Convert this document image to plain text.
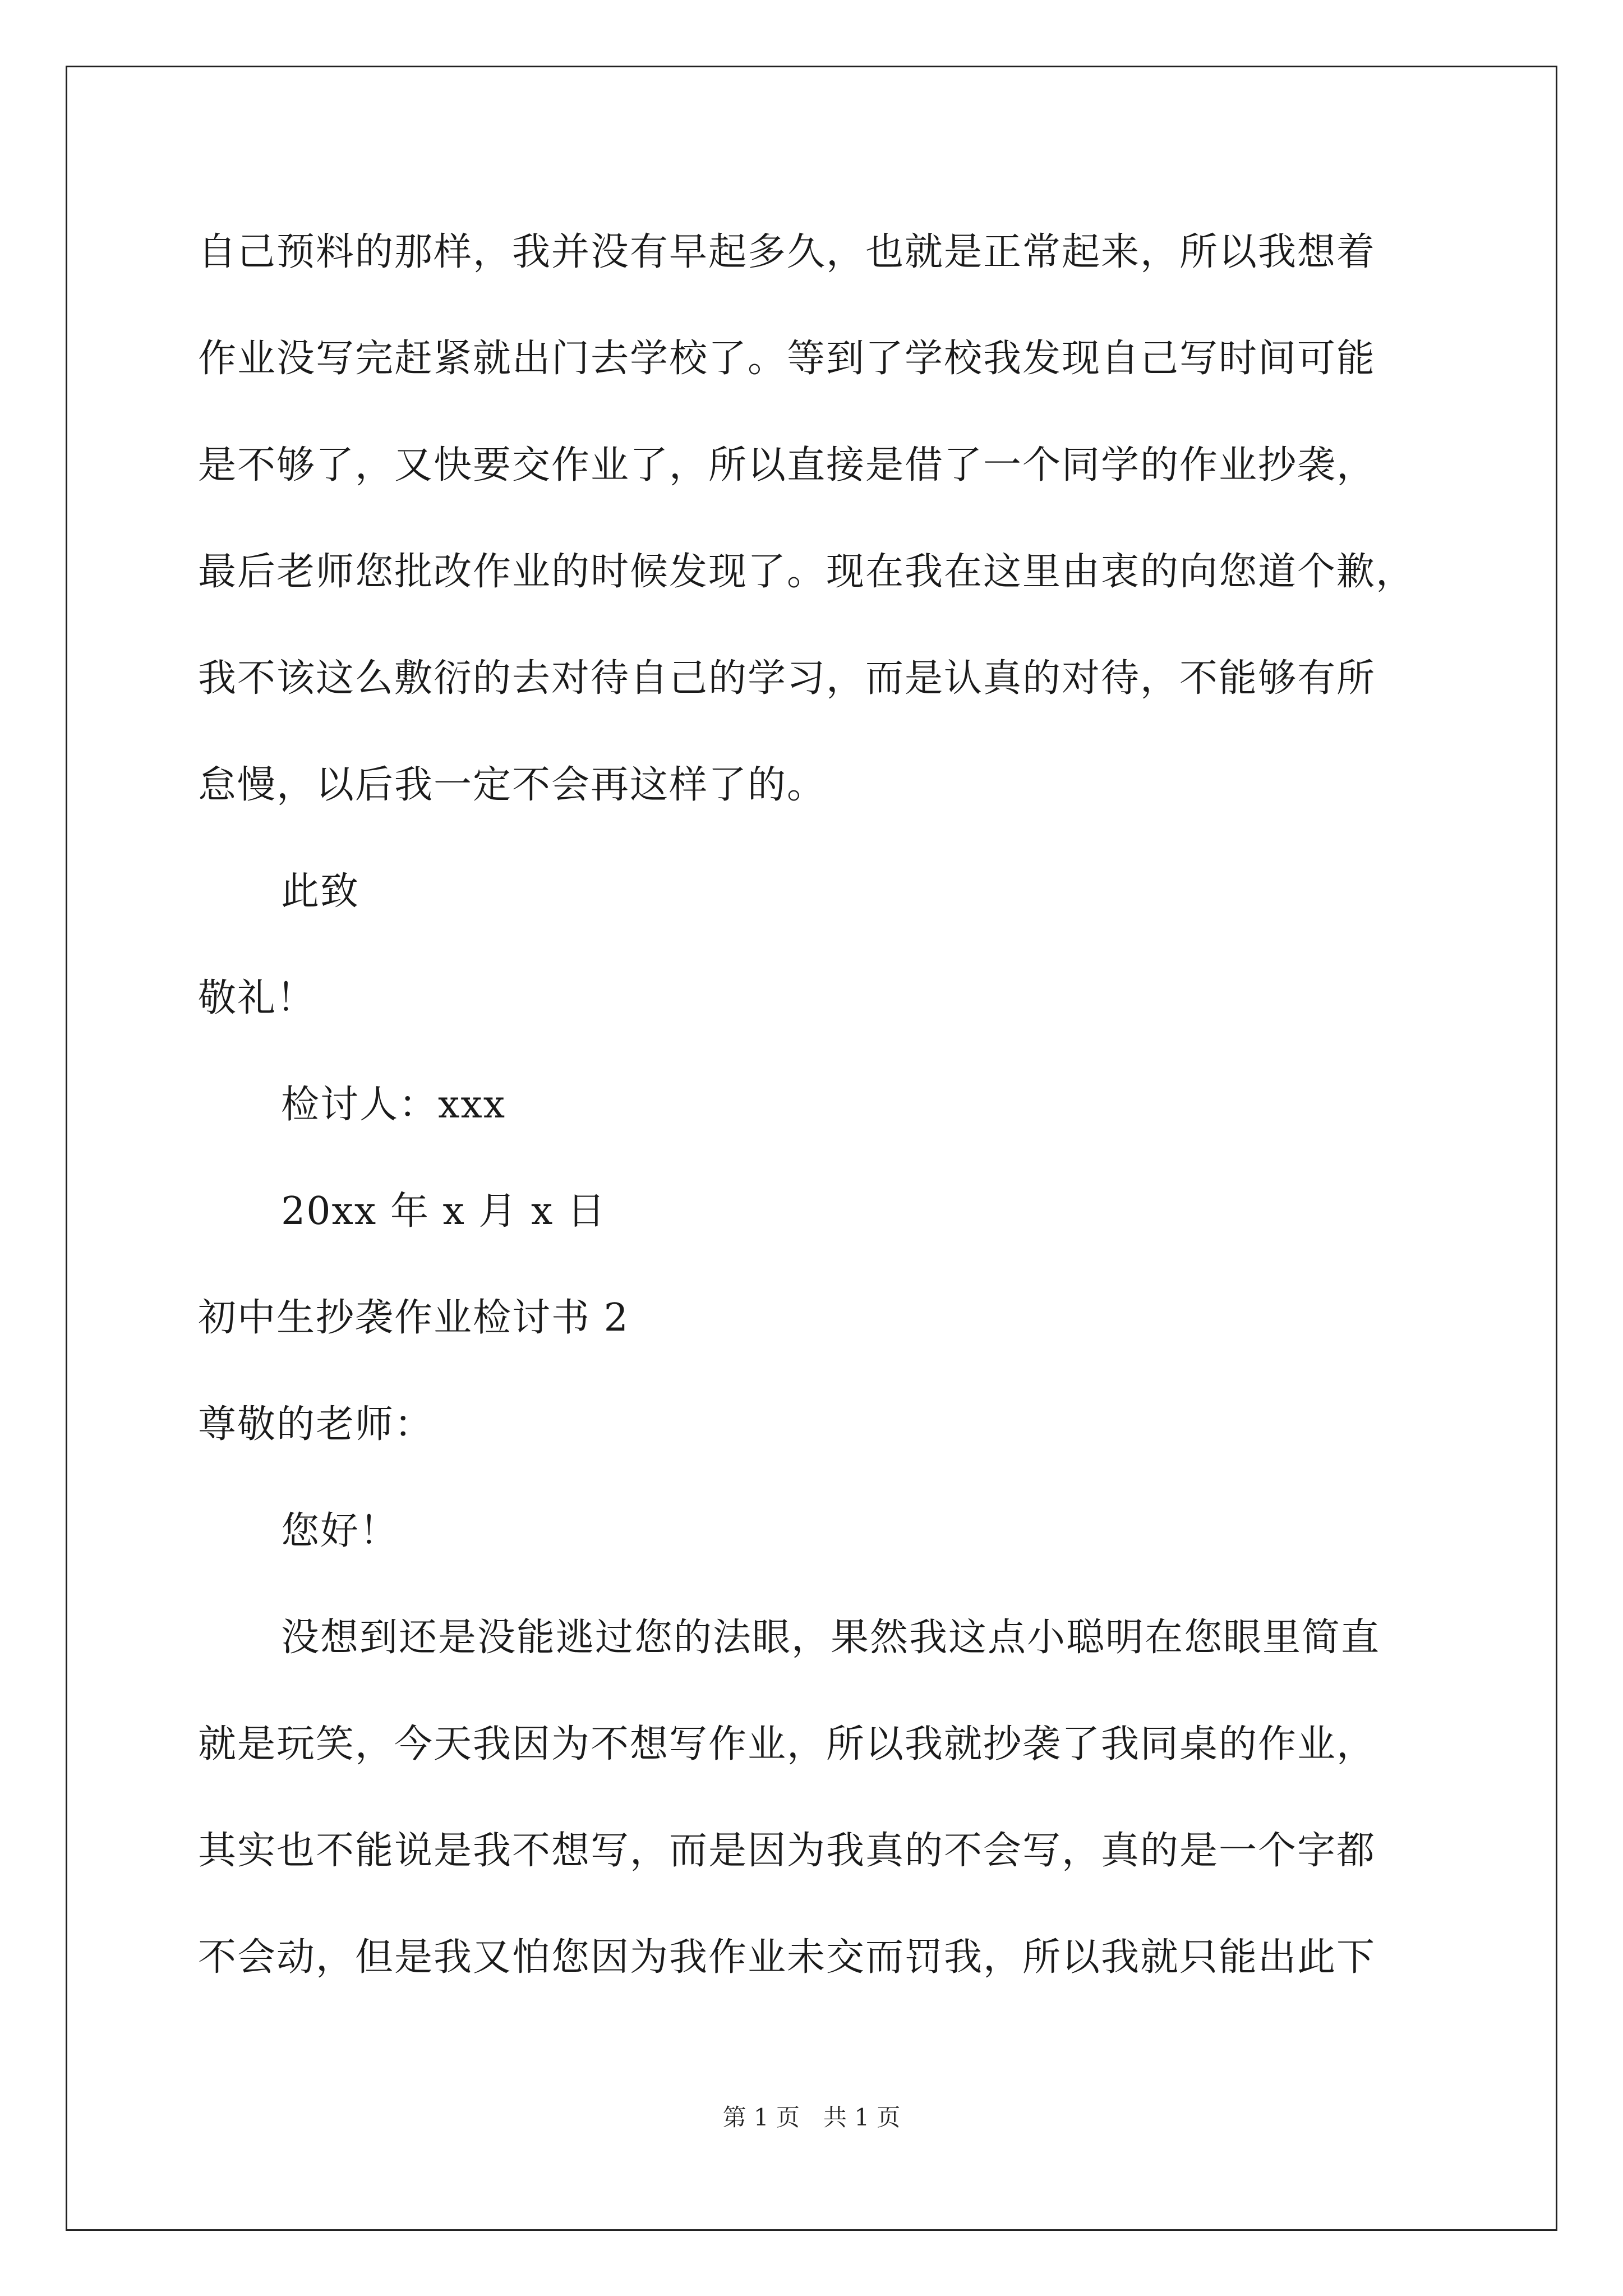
自己预料的那样，我并没有早起多久，也就是正常起来，所以我想着
作业没写完赶紧就出门去学校了。等到了学校我发现自己写时间可能
是不够了，又快要交作业了，所以直接是借了一个同学的作业抄袭，
最后老师您批改作业的时候发现了。现在我在这里由衷的向您道个歉，
我不该这么敷衍的去对待自己的学习，而是认真的对待，不能够有所
怠慢，以后我一定不会再这样了的。
此致
敬礼！
检讨人：xxx
20xx 年 x 月 x 日
初中生抄袭作业检讨书 2
尊敬的老师：
您好！
没想到还是没能逃过您的法眼，果然我这点小聪明在您眼里简直
就是玩笑，今天我因为不想写作业，所以我就抄袭了我同桌的作业，
其实也不能说是我不想写，而是因为我真的不会写，真的是一个字都
不会动，但是我又怕您因为我作业未交而罚我，所以我就只能出此下
第 1 页　共 1 页
